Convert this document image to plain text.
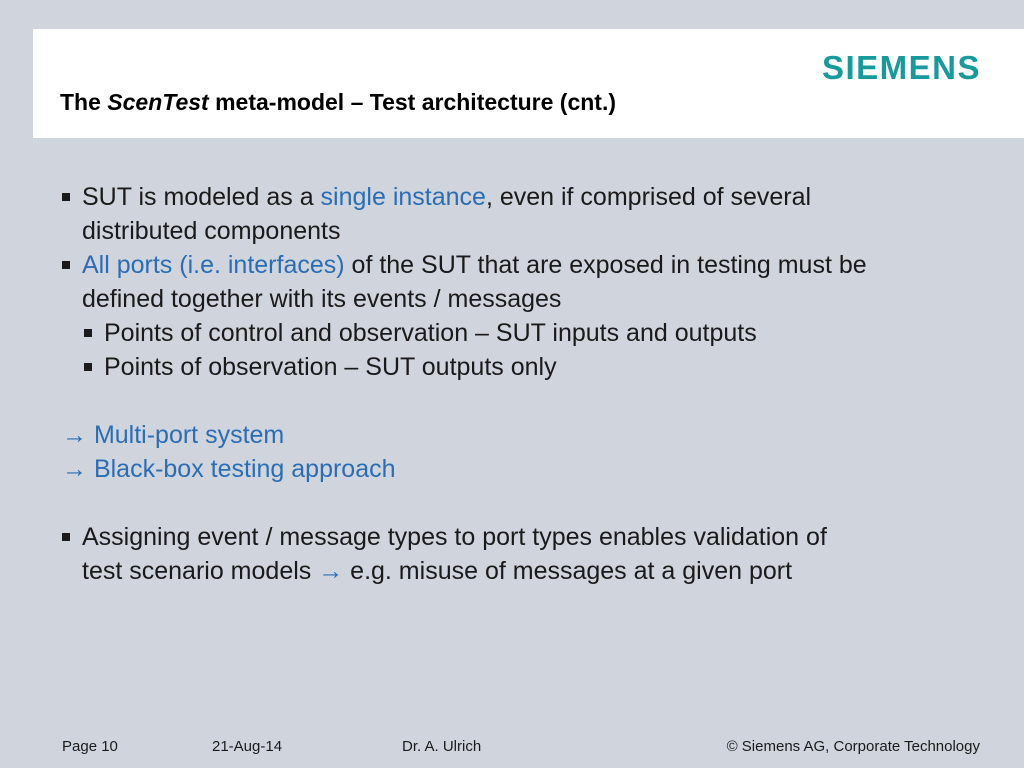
SIEMENS
The ScenTest meta-model – Test architecture (cnt.)
SUT is modeled as a single instance, even if comprised of several
distributed components
All ports (i.e. interfaces) of the SUT that are exposed in testing must be
defined together with its events / messages
Points of control and observation – SUT inputs and outputs
Points of observation – SUT outputs only
→ Multi-port system
→ Black-box testing approach
Assigning event / message types to port types enables validation of
test scenario models → e.g. misuse of messages at a given port
Page 10	21-Aug-14	Dr. A. Ulrich	© Siemens AG, Corporate Technology
